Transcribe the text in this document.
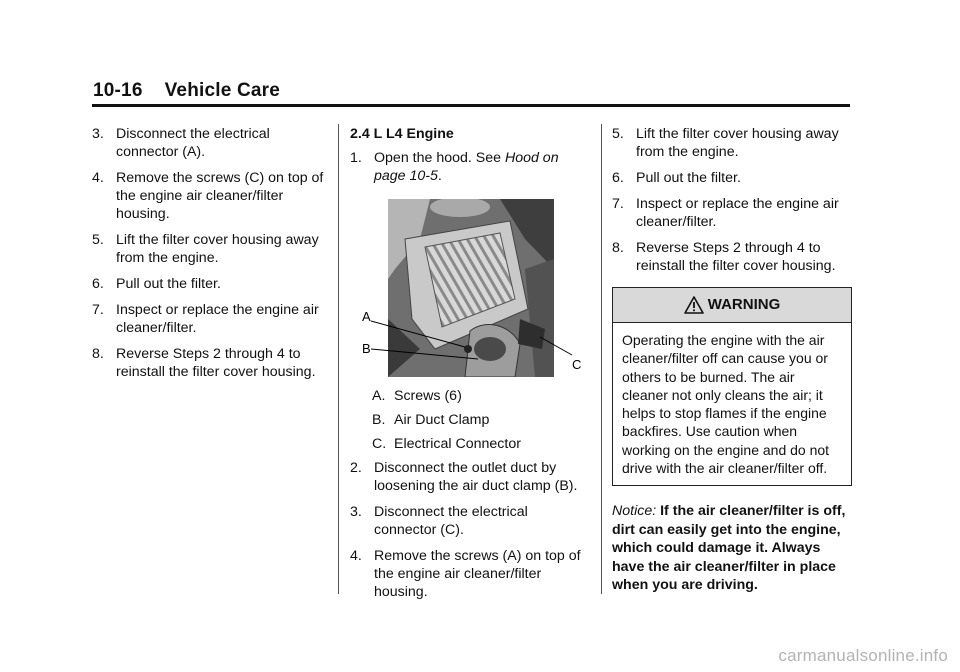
10-16 Vehicle Care
3. Disconnect the electrical connector (A).
4. Remove the screws (C) on top of the engine air cleaner/filter housing.
5. Lift the filter cover housing away from the engine.
6. Pull out the filter.
7. Inspect or replace the engine air cleaner/filter.
8. Reverse Steps 2 through 4 to reinstall the filter cover housing.
2.4 L L4 Engine
1. Open the hood. See Hood on page 10-5.
A
B
C
A. Screws (6)
B. Air Duct Clamp
C. Electrical Connector
2. Disconnect the outlet duct by loosening the air duct clamp (B).
3. Disconnect the electrical connector (C).
4. Remove the screws (A) on top of the engine air cleaner/filter housing.
5. Lift the filter cover housing away from the engine.
6. Pull out the filter.
7. Inspect or replace the engine air cleaner/filter.
8. Reverse Steps 2 through 4 to reinstall the filter cover housing.
WARNING
Operating the engine with the air cleaner/filter off can cause you or others to be burned. The air cleaner not only cleans the air; it helps to stop flames if the engine backfires. Use caution when working on the engine and do not drive with the air cleaner/filter off.
Notice: If the air cleaner/filter is off, dirt can easily get into the engine, which could damage it. Always have the air cleaner/filter in place when you are driving.
carmanualsonline.info
